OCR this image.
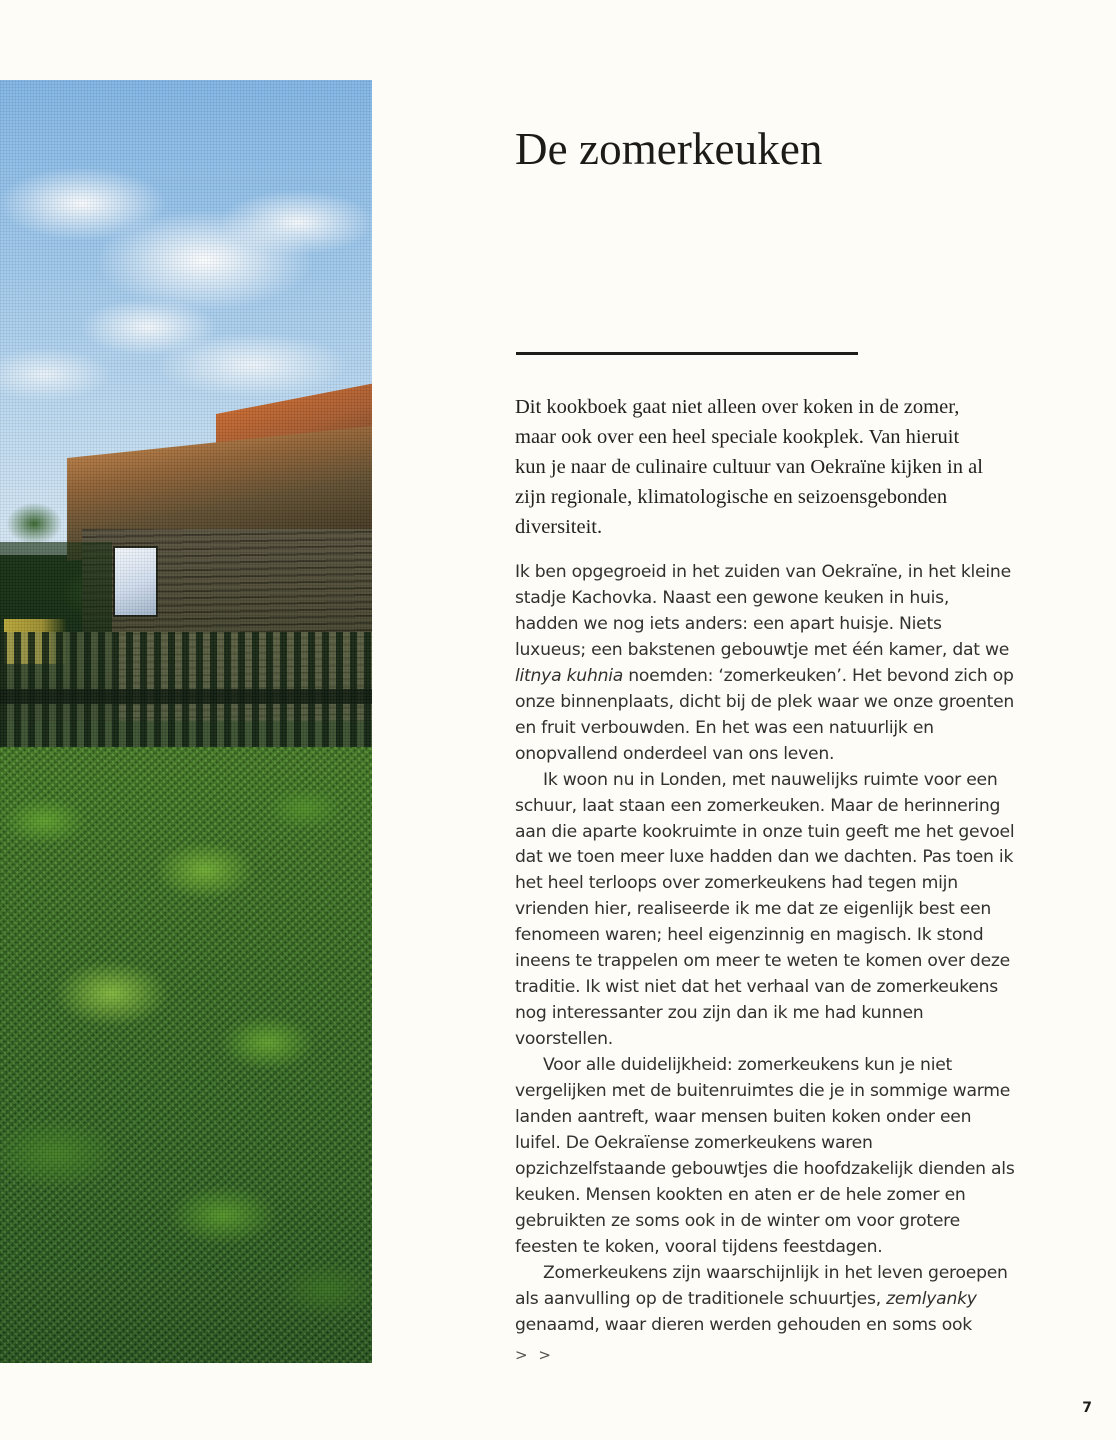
De zomerkeuken
Dit kookboek gaat niet alleen over koken in de zomer, maar ook over een heel speciale kookplek. Van hieruit kun je naar de culinaire cultuur van Oekraïne kijken in al zijn regionale, klimatologische en seizoensgebonden diversiteit.

Ik ben opgegroeid in het zuiden van Oekraïne, in het kleine stadje Kachovka. Naast een gewone keuken in huis, hadden we nog iets anders: een apart huisje. Niets luxueus; een bakstenen gebouwtje met één kamer, dat we litnya kuhnia noemden: ‘zomerkeuken’. Het bevond zich op onze binnenplaats, dicht bij de plek waar we onze groenten en fruit verbouwden. En het was een natuurlijk en onopvallend onderdeel van ons leven.

Ik woon nu in Londen, met nauwelijks ruimte voor een schuur, laat staan een zomerkeuken. Maar de herinnering aan die aparte kookruimte in onze tuin geeft me het gevoel dat we toen meer luxe hadden dan we dachten. Pas toen ik het heel terloops over zomerkeukens had tegen mijn vrienden hier, realiseerde ik me dat ze eigenlijk best een fenomeen waren; heel eigenzinnig en magisch. Ik stond ineens te trappelen om meer te weten te komen over deze traditie. Ik wist niet dat het verhaal van de zomerkeukens nog interessanter zou zijn dan ik me had kunnen voorstellen.

Voor alle duidelijkheid: zomerkeukens kun je niet vergelijken met de buitenruimtes die je in sommige warme landen aantreft, waar mensen buiten koken onder een luifel. De Oekraïense zomerkeukens waren opzichzelfstaande gebouwtjes die hoofdzakelijk dienden als keuken. Mensen kookten en aten er de hele zomer en gebruikten ze soms ook in de winter om voor grotere feesten te koken, vooral tijdens feestdagen.

Zomerkeukens zijn waarschijnlijk in het leven geroepen als aanvulling op de traditionele schuurtjes, zemlyanky genaamd, waar dieren werden gehouden en soms ook

> >
7
